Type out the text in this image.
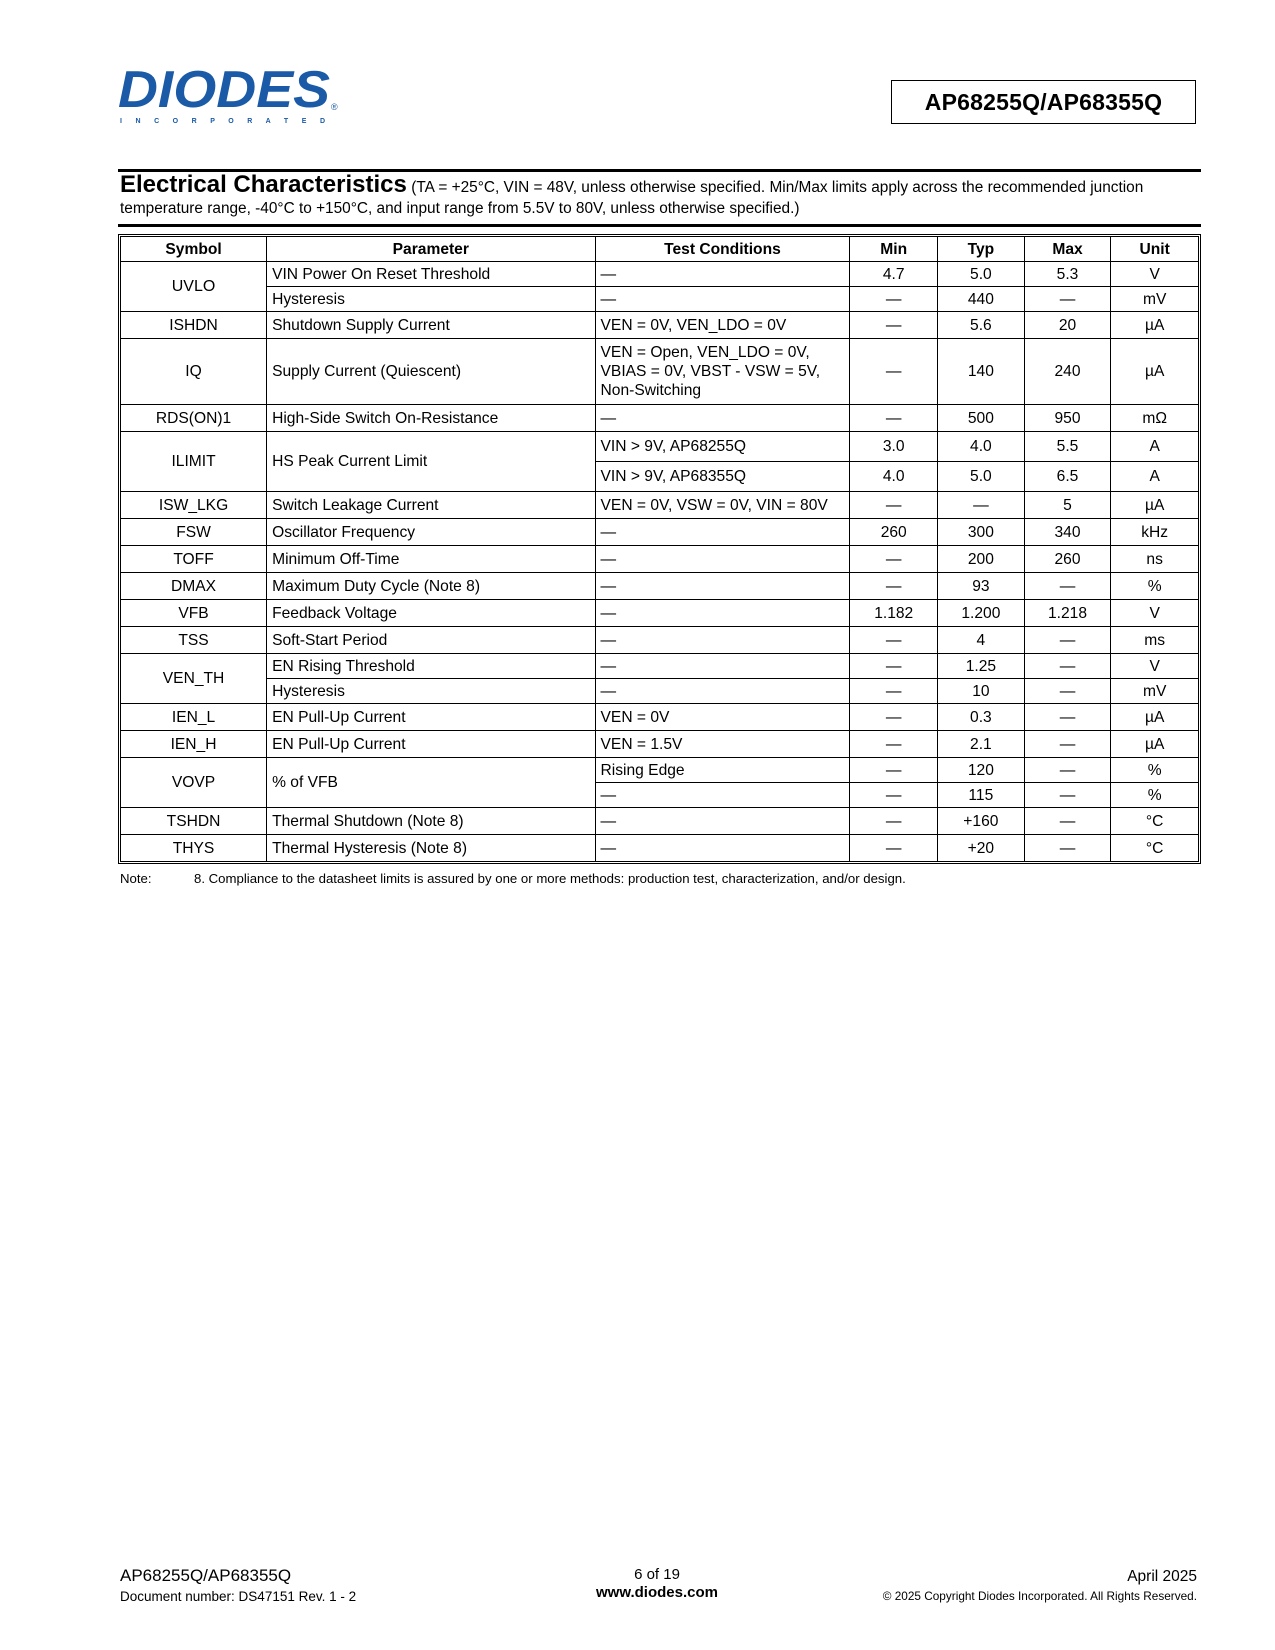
DIODES ®
I N C O R P O R A T E D
AP68255Q/AP68355Q
Electrical Characteristics (TA = +25°C, VIN = 48V, unless otherwise specified. Min/Max limits apply across the recommended junction temperature range, -40°C to +150°C, and input range from 5.5V to 80V, unless otherwise specified.)
Symbol	Parameter	Test Conditions	Min	Typ	Max	Unit
UVLO	VIN Power On Reset Threshold	—	4.7	5.0	5.3	V
	Hysteresis	—	—	440	—	mV
ISHDN	Shutdown Supply Current	VEN = 0V, VEN_LDO = 0V	—	5.6	20	µA
IQ	Supply Current (Quiescent)	VEN = Open, VEN_LDO = 0V, VBIAS = 0V, VBST - VSW = 5V, Non-Switching	—	140	240	µA
RDS(ON)1	High-Side Switch On-Resistance	—	—	500	950	mΩ
ILIMIT	HS Peak Current Limit	VIN > 9V, AP68255Q	3.0	4.0	5.5	A
		VIN > 9V, AP68355Q	4.0	5.0	6.5	A
ISW_LKG	Switch Leakage Current	VEN = 0V, VSW = 0V, VIN = 80V	—	—	5	µA
FSW	Oscillator Frequency	—	260	300	340	kHz
TOFF	Minimum Off-Time	—	—	200	260	ns
DMAX	Maximum Duty Cycle (Note 8)	—	—	93	—	%
VFB	Feedback Voltage	—	1.182	1.200	1.218	V
TSS	Soft-Start Period	—	—	4	—	ms
VEN_TH	EN Rising Threshold	—	—	1.25	—	V
	Hysteresis	—	—	10	—	mV
IEN_L	EN Pull-Up Current	VEN = 0V	—	0.3	—	µA
IEN_H	EN Pull-Up Current	VEN = 1.5V	—	2.1	—	µA
VOVP	% of VFB	Rising Edge	—	120	—	%
		—	—	115	—	%
TSHDN	Thermal Shutdown (Note 8)	—	—	+160	—	°C
THYS	Thermal Hysteresis (Note 8)	—	—	+20	—	°C
Note:	8. Compliance to the datasheet limits is assured by one or more methods: production test, characterization, and/or design.
AP68255Q/AP68355Q
Document number: DS47151 Rev. 1 - 2
6 of 19
www.diodes.com
April 2025
© 2025 Copyright Diodes Incorporated. All Rights Reserved.
